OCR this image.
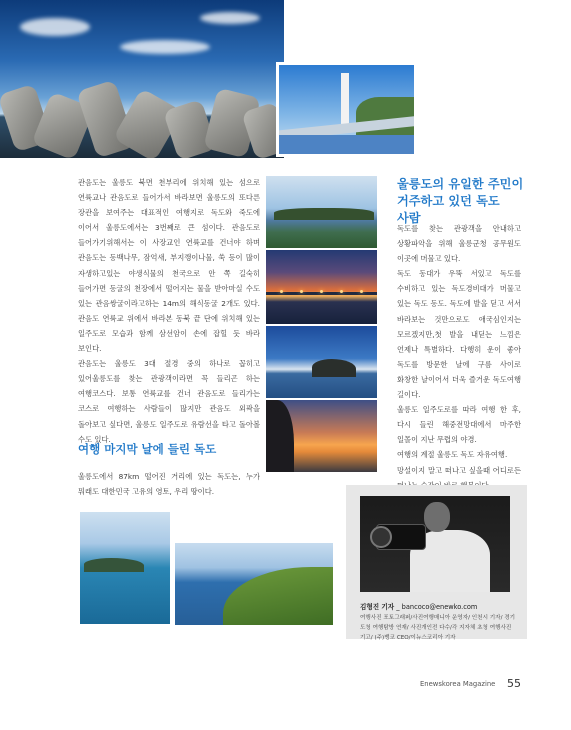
관음도는 울릉도 북면 천부리에 위치해 있는 섬으로 연륙교나 관음도로 들어가서 바라보면 울릉도의 또다른 장관을 보여주는 대표적인 여행지로 독도와 죽도에 이어서 울릉도에서는 3번째로 큰 섬이다. 관음도로 들어가기위해서는 이 사장교인 연륙교를 건너야 하며 관음도는 동백나무, 잠억새, 부지깽이나물, 쑥 등이 많이 자생하고있는 야생식물의 천국으로 안 쪽 길숙히 들어가면 동굴의 천장에서 떨어지는 물을 받아마실 수도 있는 관음쌍굴이라고하는 14m의 해식동굴 2개도 있다. 관음도 연륙교 위에서 바라본 동북 끝 단에 위치해 있는 일주도로 모습과 함께 삼선암이 손에 잡힐 듯 바라 보인다.

관음도는 울릉도 3대 절경 중의 하나로 꼽히고 있어울릉도를 찾는 관광객이라면 꼭 들리곤 하는 여행코스다. 보통 연륙교를 건너 관음도로 들리가는 코스로 여행하는 사람들이 많지만 관음도 외곽을 돌아보고 싶다면, 울릉도 일주도로 유람선을 타고 돌아볼 수도 있다.

여행 마지막 날에 들린 독도

울릉도에서 87km 떨어진 거리에 있는 독도는, 누가 뭐래도 대한민국 고유의 영토, 우리 땅이다.

울릉도의 유일한 주민이 거주하고 있던 독도 사람

독도를 찾는 관광객을 안내하고 상황파악을 위해 울릉군청 공무원도 이곳에 머물고 있다.

독도 동대가 우뚝 서있고 독도를 수비하고 있는 독도경비대가 머물고 있는 독도 동도. 독도에 발을 딛고 서서 바라보는 것만으로도 애국심인지는 모르겠지만,첫 발을 내딛는 느낌은 언제나 특별하다. 다행히 운이 좋아 독도를 방문한 날에 구름 사이로 화창한 날이어서 더욱 즐거운 독도여행 길이다.

울릉도 일주도로를 따라 여행 한 후, 다시 들린 해중전망대에서 마주한 일몰이 지난 무렵의 야경.

여행의 계절 울릉도 독도 자유여행.

망설이지 말고 떠나고 싶을때 어디로든

김형진 기자 _ bancoco@enewko.com
여행사진 포토그래퍼/사진여행매니아 운영자/ 인천시 기자/ 경기도청 여행탐방 연재/ 사진개인전 다수/각 지자체 초청 여행사진 기고/ (주)뱅코 CEO/이뉴스코리아 기자
Enewskorea Magazine 55
